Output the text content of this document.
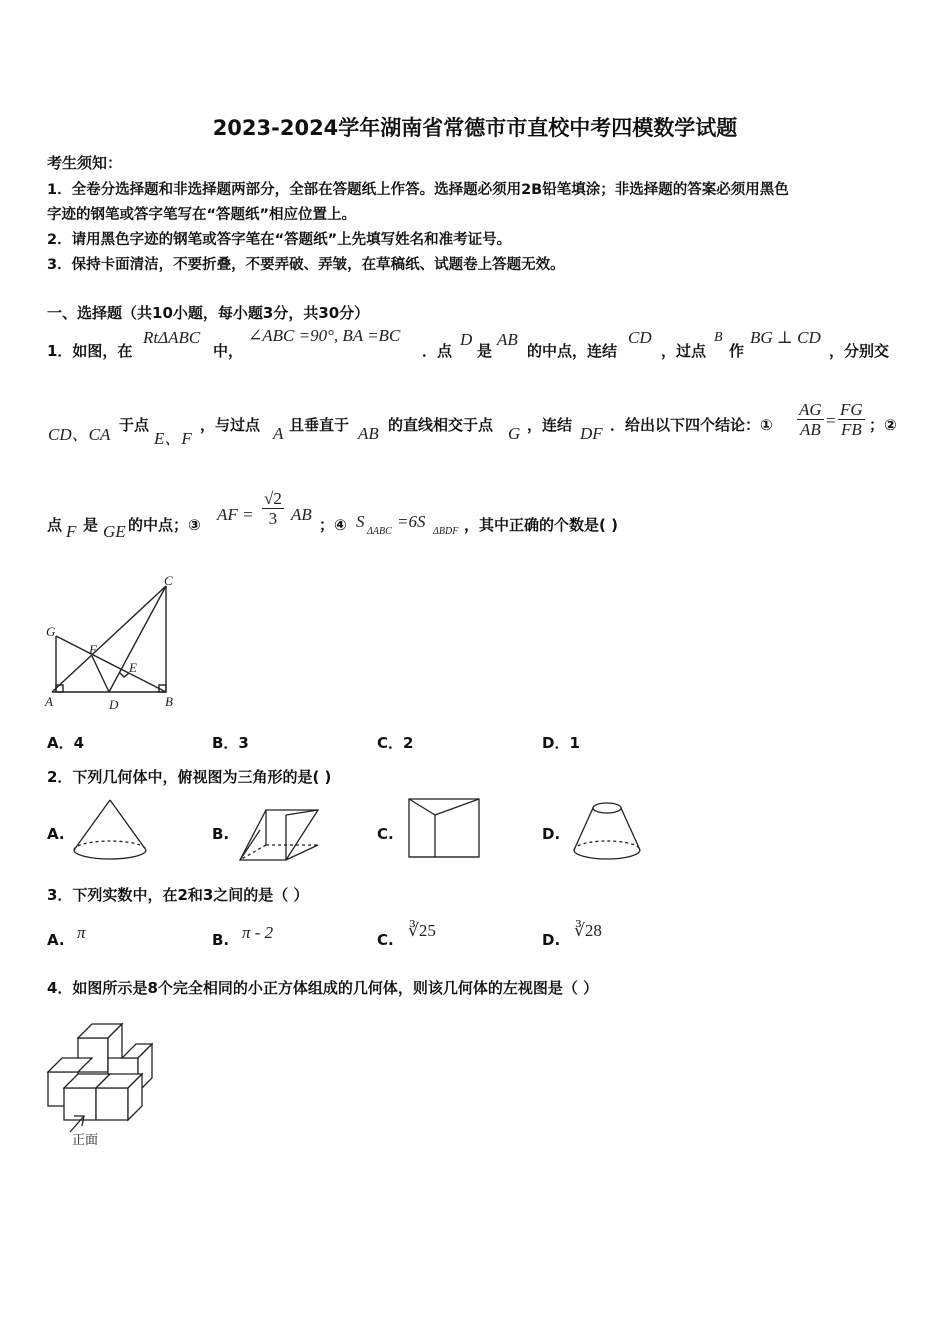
2023-2024学年湖南省常德市市直校中考四模数学试题
考生须知：
1．全卷分选择题和非选择题两部分，全部在答题纸上作答。选择题必须用2B铅笔填涂；非选择题的答案必须用黑色
字迹的钢笔或答字笔写在“答题纸”相应位置上。
2．请用黑色字迹的钢笔或答字笔在“答题纸”上先填写姓名和准考证号。
3．保持卡面清洁，不要折叠，不要弄破、弄皱，在草稿纸、试题卷上答题无效。
一、选择题（共10小题，每小题3分，共30分）
1．如图，在
RtΔABC
中，
∠ABC =90°, BA =BC
．点
D
是
AB
的中点，连结
CD
，过点
B
作
BG ⊥ CD
，分别交
CD、CA 于点
E、F
，与过点 A 且垂直于 AB 的直线相交于点 G ，连结 DF ．给出以下四个结论：① $\frac{AG}{AB} = \frac{FG}{FB}$ ；②
点 F 是 GE 的中点；③
AF = $\frac{√2}{3}$ AB
；④ S
ΔABC
=6S
ΔBDF ，其中正确的个数是( )
C
G
F
E
A	D	B
A．4	B．3	C．2	D．1
2．下列几何体中，俯视图为三角形的是( )
A.	B.	C.	D.
3．下列实数中，在2和3之间的是（ ）
A. π	B. π - 2	C. ∛25	D. ∛28
4．如图所示是8个完全相同的小正方体组成的几何体，则该几何体的左视图是（ ）
正面
